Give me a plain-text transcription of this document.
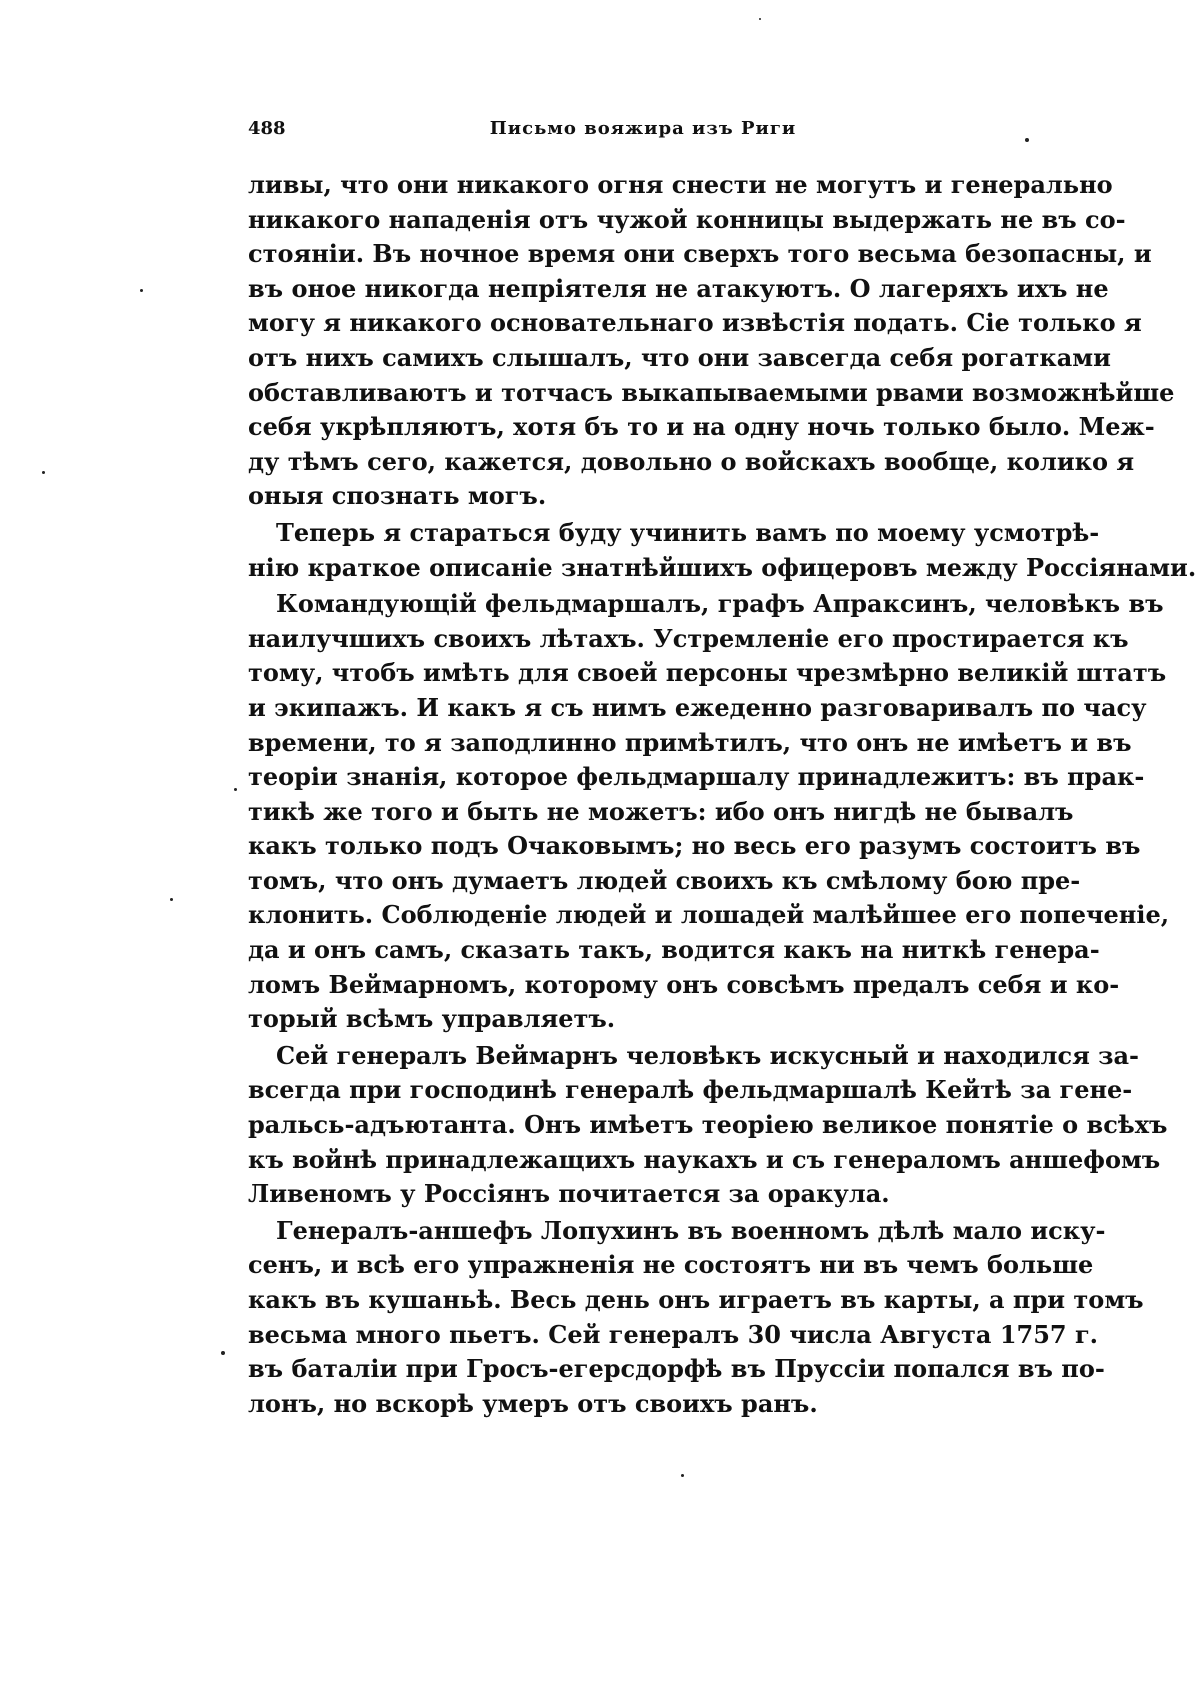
488	Письмо вояжира изъ Риги
ливы, что они никакого огня снести не могутъ и генерально
никакого нападенія отъ чужой конницы выдержать не въ со-
стояніи. Въ ночное время они сверхъ того весьма безопасны, и
въ оное никогда непріятеля не атакуютъ. О лагеряхъ ихъ не
могу я никакого основательнаго извѣстія подать. Сіе только я
отъ нихъ самихъ слышалъ, что они завсегда себя рогатками
обставливаютъ и тотчасъ выкапываемыми рвами возможнѣйше
себя укрѣпляютъ, хотя бъ то и на одну ночь только было. Меж-
ду тѣмъ сего, кажется, довольно о войскахъ вообще, колико я
оныя спознать могъ.
Теперь я стараться буду учинить вамъ по моему усмотрѣ-
нію краткое описаніе знатнѣйшихъ офицеровъ между Россіянами.
Командующій фельдмаршалъ, графъ Апраксинъ, человѣкъ въ
наилучшихъ своихъ лѣтахъ. Устремленіе его простирается къ
тому, чтобъ имѣть для своей персоны чрезмѣрно великій штатъ
и экипажъ. И какъ я съ нимъ ежеденно разговаривалъ по часу
времени, то я заподлинно примѣтилъ, что онъ не имѣетъ и въ
теоріи знанія, которое фельдмаршалу принадлежитъ: въ прак-
тикѣ же того и быть не можетъ: ибо онъ нигдѣ не бывалъ
какъ только подъ Очаковымъ; но весь его разумъ состоитъ въ
томъ, что онъ думаетъ людей своихъ къ смѣлому бою пре-
клонить. Соблюденіе людей и лошадей малѣйшее его попеченіе,
да и онъ самъ, сказать такъ, водится какъ на ниткѣ генера-
ломъ Веймарномъ, которому онъ совсѣмъ предалъ себя и ко-
торый всѣмъ управляетъ.
Сей генералъ Веймарнъ человѣкъ искусный и находился за-
всегда при господинѣ генералѣ фельдмаршалѣ Кейтѣ за гене-
ральсь-адъютанта. Онъ имѣетъ теоріею великое понятіе о всѣхъ
къ войнѣ принадлежащихъ наукахъ и съ генераломъ аншефомъ
Ливеномъ у Россіянъ почитается за оракула.
Генералъ-аншефъ Лопухинъ въ военномъ дѣлѣ мало иску-
сенъ, и всѣ его упражненія не состоятъ ни въ чемъ больше
какъ въ кушаньѣ. Весь день онъ играетъ въ карты, а при томъ
весьма много пьетъ. Сей генералъ 30 числа Августа 1757 г.
въ баталіи при Гросъ-егерсдорфѣ въ Пруссіи попался въ по-
лонъ, но вскорѣ умеръ отъ своихъ ранъ.
